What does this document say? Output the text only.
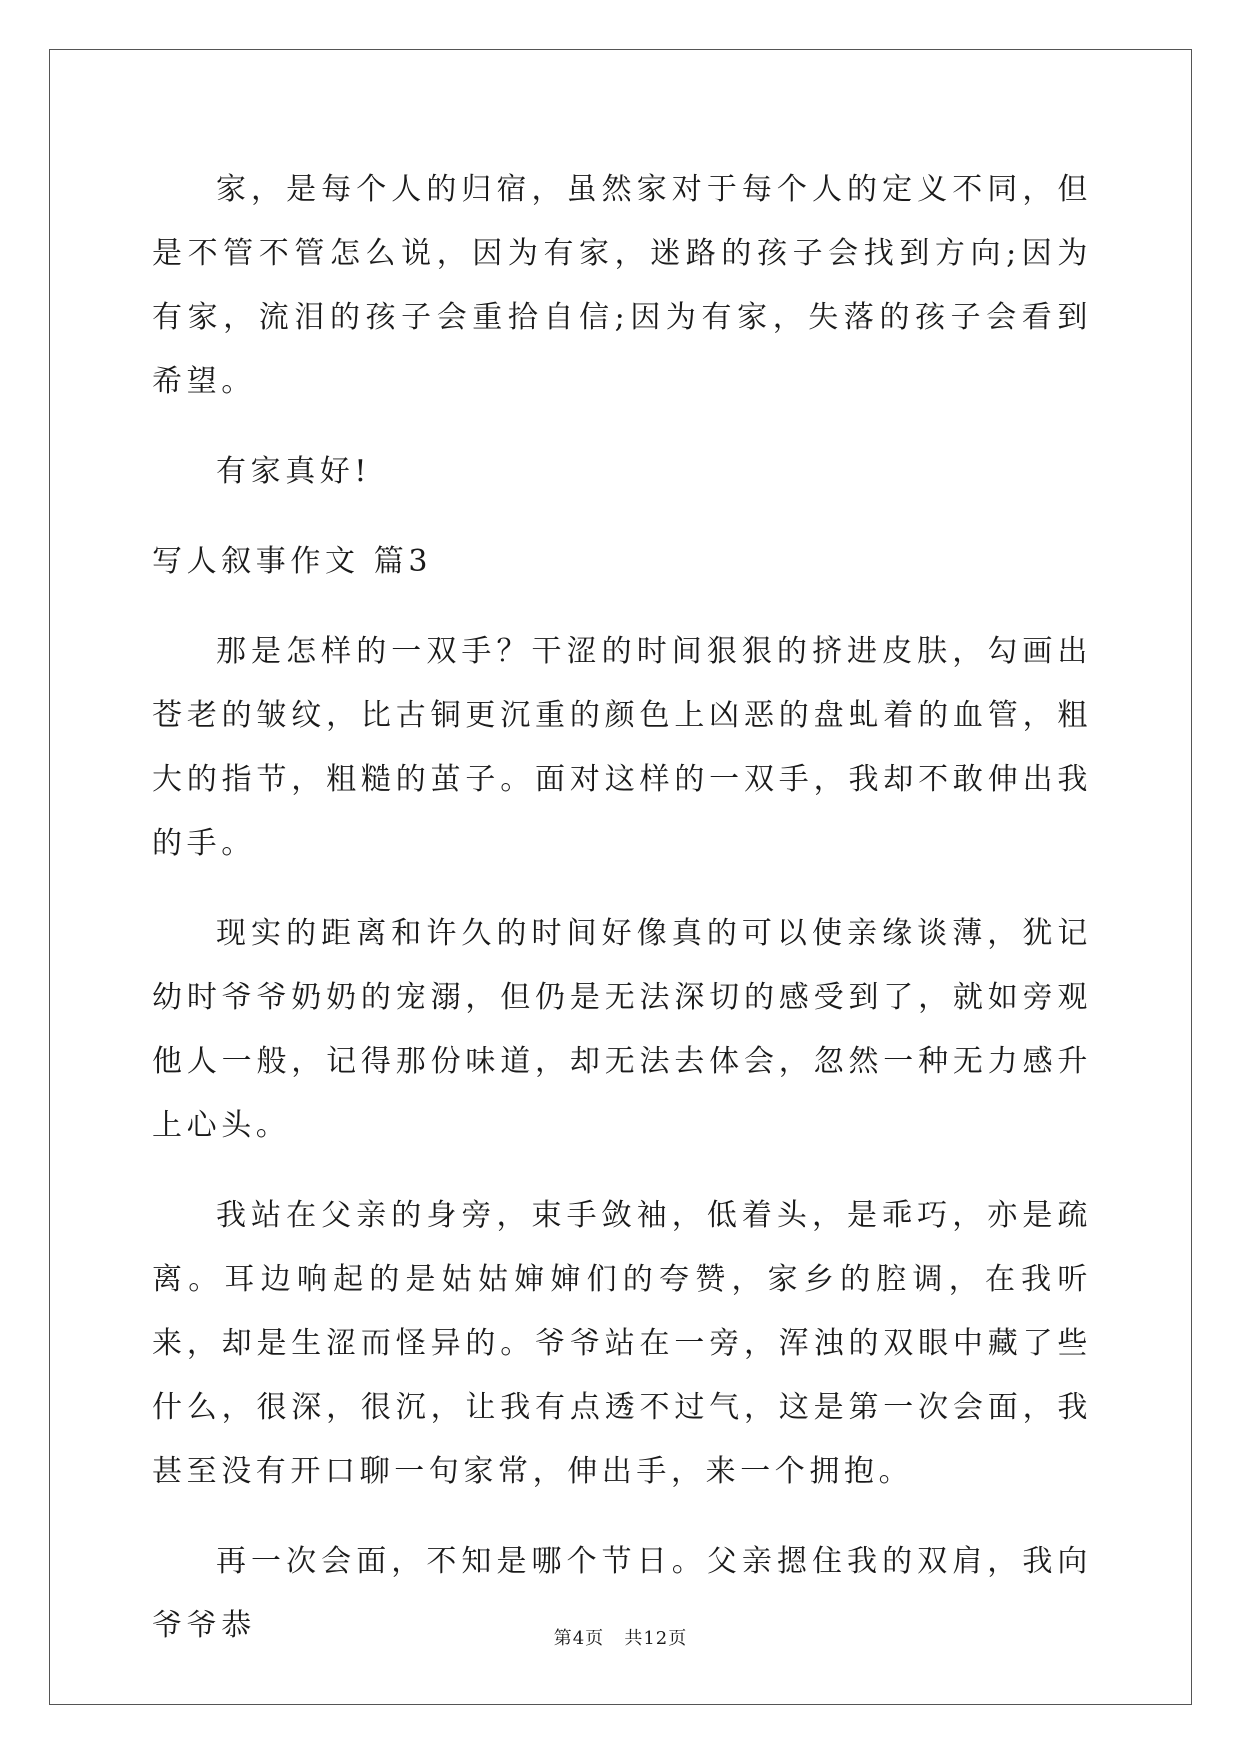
家，是每个人的归宿，虽然家对于每个人的定义不同，但是不管不管怎么说，因为有家，迷路的孩子会找到方向;因为有家，流泪的孩子会重拾自信;因为有家，失落的孩子会看到希望。

有家真好!

写人叙事作文 篇3

那是怎样的一双手？干涩的时间狠狠的挤进皮肤，勾画出苍老的皱纹，比古铜更沉重的颜色上凶恶的盘虬着的血管，粗大的指节，粗糙的茧子。面对这样的一双手，我却不敢伸出我的手。

现实的距离和许久的时间好像真的可以使亲缘谈薄，犹记幼时爷爷奶奶的宠溺，但仍是无法深切的感受到了，就如旁观他人一般，记得那份味道，却无法去体会，忽然一种无力感升上心头。

我站在父亲的身旁，束手敛袖，低着头，是乖巧，亦是疏离。耳边响起的是姑姑婶婶们的夸赞，家乡的腔调，在我听来，却是生涩而怪异的。爷爷站在一旁，浑浊的双眼中藏了些什么，很深，很沉，让我有点透不过气，这是第一次会面，我甚至没有开口聊一句家常，伸出手，来一个拥抱。

再一次会面，不知是哪个节日。父亲摁住我的双肩，我向爷爷恭	第4页 共12页
